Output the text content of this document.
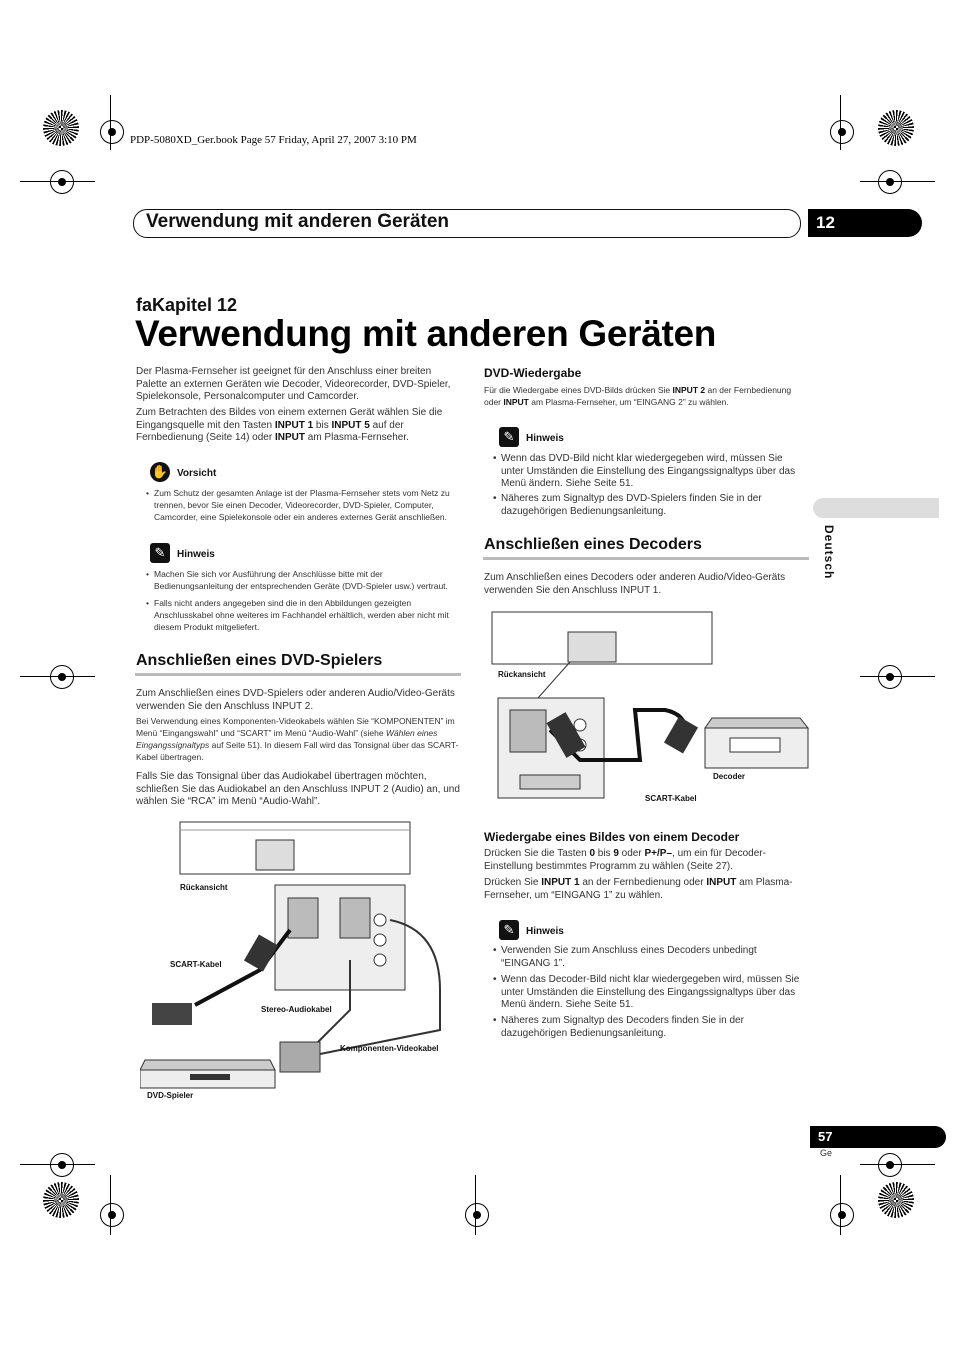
PDP-5080XD_Ger.book Page 57 Friday, April 27, 2007 3:10 PM
Verwendung mit anderen Geräten	12
faKapitel 12
Verwendung mit anderen Geräten
Der Plasma-Fernseher ist geeignet für den Anschluss einer breiten Palette an externen Geräten wie Decoder, Videorecorder, DVD-Spieler, Spielekonsole, Personalcomputer und Camcorder.
Zum Betrachten des Bildes von einem externen Gerät wählen Sie die Eingangsquelle mit den Tasten INPUT 1 bis INPUT 5 auf der Fernbedienung (Seite 14) oder INPUT am Plasma-Fernseher.
✋ Vorsicht
• Zum Schutz der gesamten Anlage ist der Plasma-Fernseher stets vom Netz zu trennen, bevor Sie einen Decoder, Videorecorder, DVD-Spieler, Computer, Camcorder, eine Spielekonsole oder ein anderes externes Gerät anschließen.
✎	Hinweis
• Machen Sie sich vor Ausführung der Anschlüsse bitte mit der Bedienungsanleitung der entsprechenden Geräte (DVD-Spieler usw.) vertraut.
• Falls nicht anders angegeben sind die in den Abbildungen gezeigten Anschlusskabel ohne weiteres im Fachhandel erhältlich, werden aber nicht mit diesem Produkt mitgeliefert.
Anschließen eines DVD-Spielers
Zum Anschließen eines DVD-Spielers oder anderen Audio/Video-Geräts verwenden Sie den Anschluss INPUT 2.
Bei Verwendung eines Komponenten-Videokabels wählen Sie “KOMPONENTEN” im Menü “Eingangswahl” und “SCART” im Menü “Audio-Wahl” (siehe Wählen eines Eingangssignaltyps auf Seite 51). In diesem Fall wird das Tonsignal über das SCART-Kabel übertragen.
Falls Sie das Tonsignal über das Audiokabel übertragen möchten, schließen Sie das Audiokabel an den Anschluss INPUT 2 (Audio) an, und wählen Sie “RCA” im Menü “Audio-Wahl”.
Rückansicht
SCART-Kabel
Stereo-Audiokabel
Komponenten-Videokabel
DVD-Spieler
DVD-Wiedergabe
Für die Wiedergabe eines DVD-Bilds drücken Sie INPUT 2 an der Fernbedienung oder INPUT am Plasma-Fernseher, um “EINGANG 2” zu wählen.
✎	Hinweis
• Wenn das DVD-Bild nicht klar wiedergegeben wird, müssen Sie unter Umständen die Einstellung des Eingangssignaltyps über das Menü ändern. Siehe Seite 51.
• Näheres zum Signaltyp des DVD-Spielers finden Sie in der dazugehörigen Bedienungsanleitung.
Anschließen eines Decoders
Zum Anschließen eines Decoders oder anderen Audio/Video-Geräts verwenden Sie den Anschluss INPUT 1.
Rückansicht
Decoder
SCART-Kabel
Wiedergabe eines Bildes von einem Decoder
Drücken Sie die Tasten 0 bis 9 oder P+/P–, um ein für Decoder-Einstellung bestimmtes Programm zu wählen (Seite 27).
Drücken Sie INPUT 1 an der Fernbedienung oder INPUT am Plasma-Fernseher, um “EINGANG 1” zu wählen.
✎	Hinweis
• Verwenden Sie zum Anschluss eines Decoders unbedingt “EINGANG 1”.
• Wenn das Decoder-Bild nicht klar wiedergegeben wird, müssen Sie unter Umständen die Einstellung des Eingangssignaltyps über das Menü ändern. Siehe Seite 51.
• Näheres zum Signaltyp des Decoders finden Sie in der dazugehörigen Bedienungsanleitung.
Deutsch
57
Ge
